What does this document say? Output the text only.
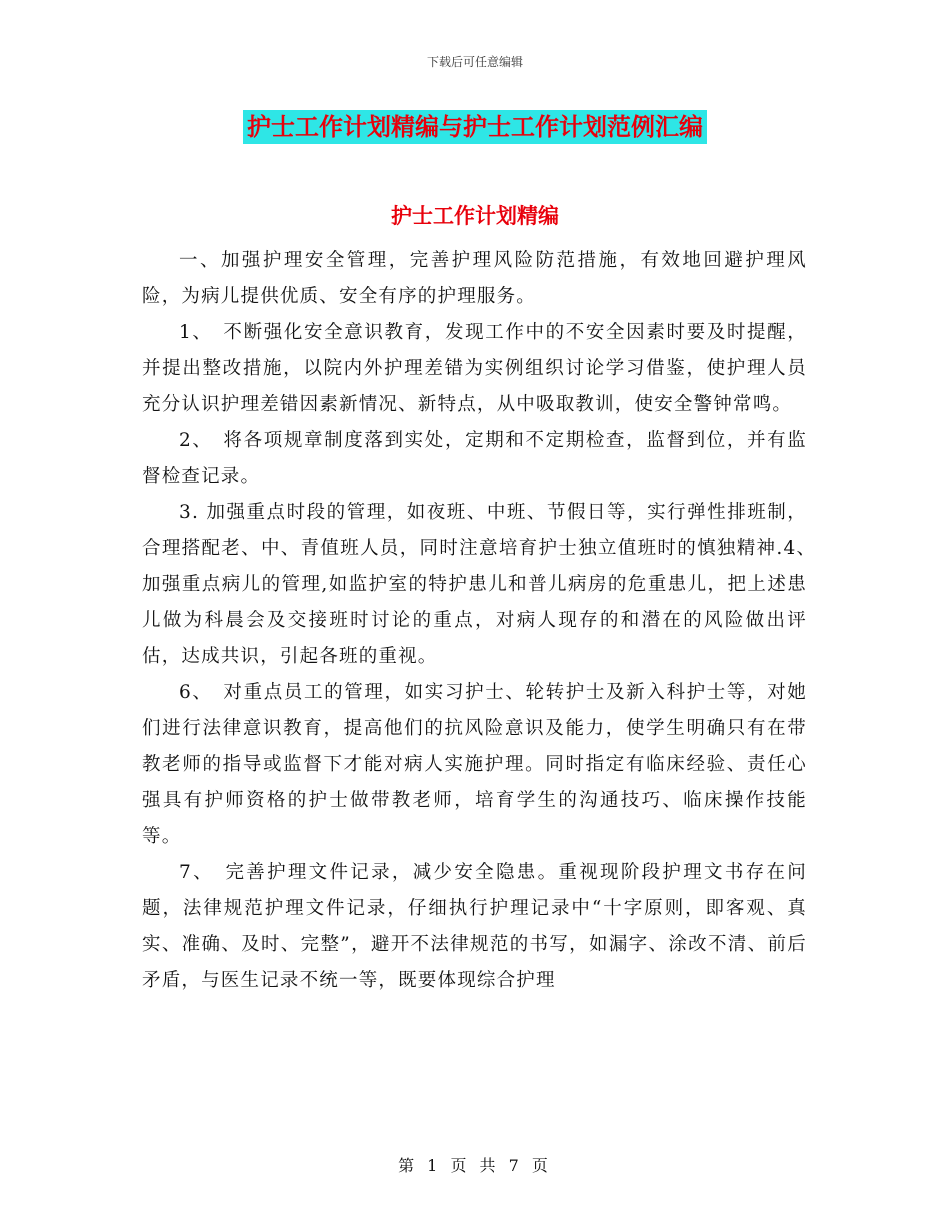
下载后可任意编辑
护士工作计划精编与护士工作计划范例汇编
护士工作计划精编

一、加强护理安全管理，完善护理风险防范措施，有效地回避护理风险，为病儿提供优质、安全有序的护理服务。

1、　不断强化安全意识教育，发现工作中的不安全因素时要及时提醒，并提出整改措施，以院内外护理差错为实例组织讨论学习借鉴，使护理人员充分认识护理差错因素新情况、新特点，从中吸取教训，使安全警钟常鸣。

2、　将各项规章制度落到实处，定期和不定期检查，监督到位，并有监督检查记录。

3. 加强重点时段的管理，如夜班、中班、节假日等，实行弹性排班制，合理搭配老、中、青值班人员，同时注意培育护士独立值班时的慎独精神.4、　加强重点病儿的管理,如监护室的特护患儿和普儿病房的危重患儿，把上述患儿做为科晨会及交接班时讨论的重点，对病人现存的和潜在的风险做出评估，达成共识，引起各班的重视。

6、　对重点员工的管理，如实习护士、轮转护士及新入科护士等，对她们进行法律意识教育，提高他们的抗风险意识及能力，使学生明确只有在带教老师的指导或监督下才能对病人实施护理。同时指定有临床经验、责任心强具有护师资格的护士做带教老师，培育学生的沟通技巧、临床操作技能等。

7、　完善护理文件记录，减少安全隐患。重视现阶段护理文书存在问题，法律规范护理文件记录，仔细执行护理记录中“十字原则，即客观、真实、准确、及时、完整”，避开不法律规范的书写，如漏字、涂改不清、前后矛盾，与医生记录不统一等，既要体现综合护理

第 1 页 共 7 页
